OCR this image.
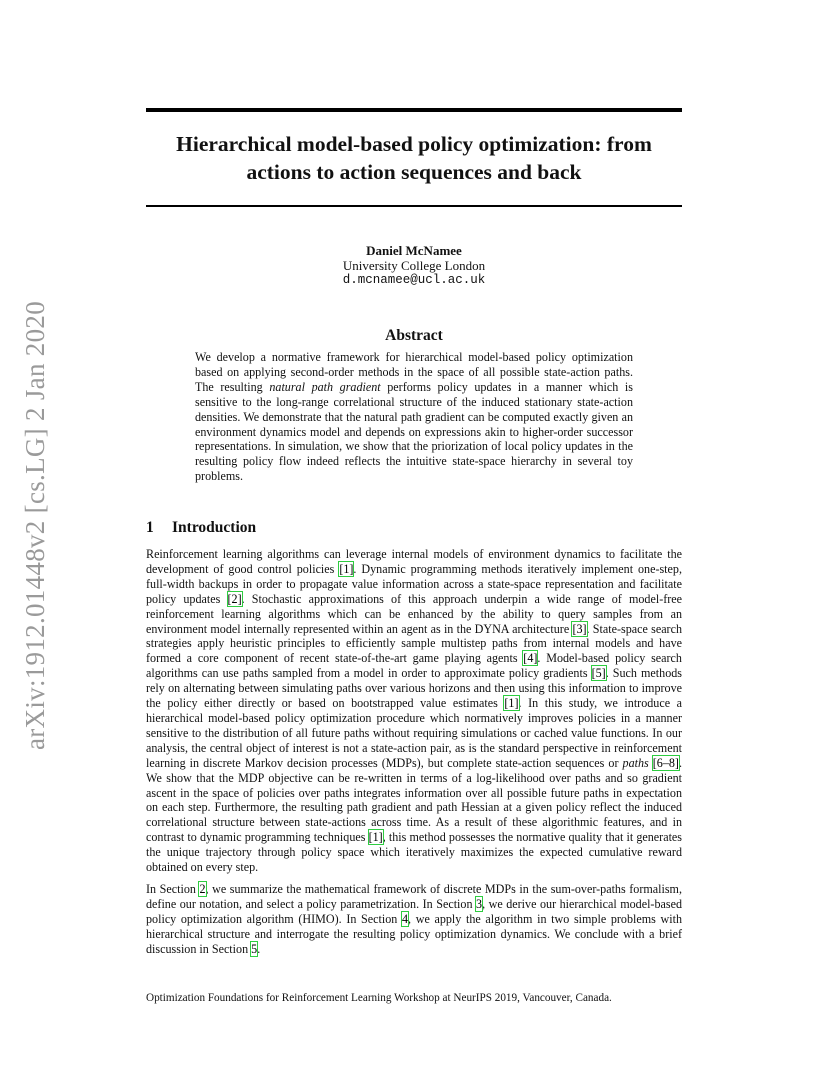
arXiv:1912.01448v2 [cs.LG] 2 Jan 2020
Hierarchical model-based policy optimization: from
actions to action sequences and back
Daniel McNamee
University College London
d.mcnamee@ucl.ac.uk
Abstract
We develop a normative framework for hierarchical model-based policy optimization based on applying second-order methods in the space of all possible state-action paths. The resulting natural path gradient performs policy updates in a manner which is sensitive to the long-range correlational structure of the induced stationary state-action densities. We demonstrate that the natural path gradient can be computed exactly given an environment dynamics model and depends on expressions akin to higher-order successor representations. In simulation, we show that the priorization of local policy updates in the resulting policy flow indeed reflects the intuitive state-space hierarchy in several toy problems.
1 Introduction

Reinforcement learning algorithms can leverage internal models of environment dynamics to facilitate the development of good control policies [1]. Dynamic programming methods iteratively implement one-step, full-width backups in order to propagate value information across a state-space representation and facilitate policy updates [2]. Stochastic approximations of this approach underpin a wide range of model-free reinforcement learning algorithms which can be enhanced by the ability to query samples from an environment model internally represented within an agent as in the DYNA architecture [3]. State-space search strategies apply heuristic principles to efficiently sample multistep paths from internal models and have formed a core component of recent state-of-the-art game playing agents [4]. Model-based policy search algorithms can use paths sampled from a model in order to approximate policy gradients [5]. Such methods rely on alternating between simulating paths over various horizons and then using this information to improve the policy either directly or based on bootstrapped value estimates [1]. In this study, we introduce a hierarchical model-based policy optimization procedure which normatively improves policies in a manner sensitive to the distribution of all future paths without requiring simulations or cached value functions. In our analysis, the central object of interest is not a state-action pair, as is the standard perspective in reinforcement learning in discrete Markov decision processes (MDPs), but complete state-action sequences or paths [6–8]. We show that the MDP objective can be re-written in terms of a log-likelihood over paths and so gradient ascent in the space of policies over paths integrates information over all possible future paths in expectation on each step. Furthermore, the resulting path gradient and path Hessian at a given policy reflect the induced correlational structure between state-actions across time. As a result of these algorithmic features, and in contrast to dynamic programming techniques [1], this method possesses the normative quality that it generates the unique trajectory through policy space which iteratively maximizes the expected cumulative reward obtained on every step.

In Section 2, we summarize the mathematical framework of discrete MDPs in the sum-over-paths formalism, define our notation, and select a policy parametrization. In Section 3, we derive our hierarchical model-based policy optimization algorithm (HIMO). In Section 4, we apply the algorithm in two simple problems with hierarchical structure and interrogate the resulting policy optimization dynamics. We conclude with a brief discussion in Section 5.

Optimization Foundations for Reinforcement Learning Workshop at NeurIPS 2019, Vancouver, Canada.
